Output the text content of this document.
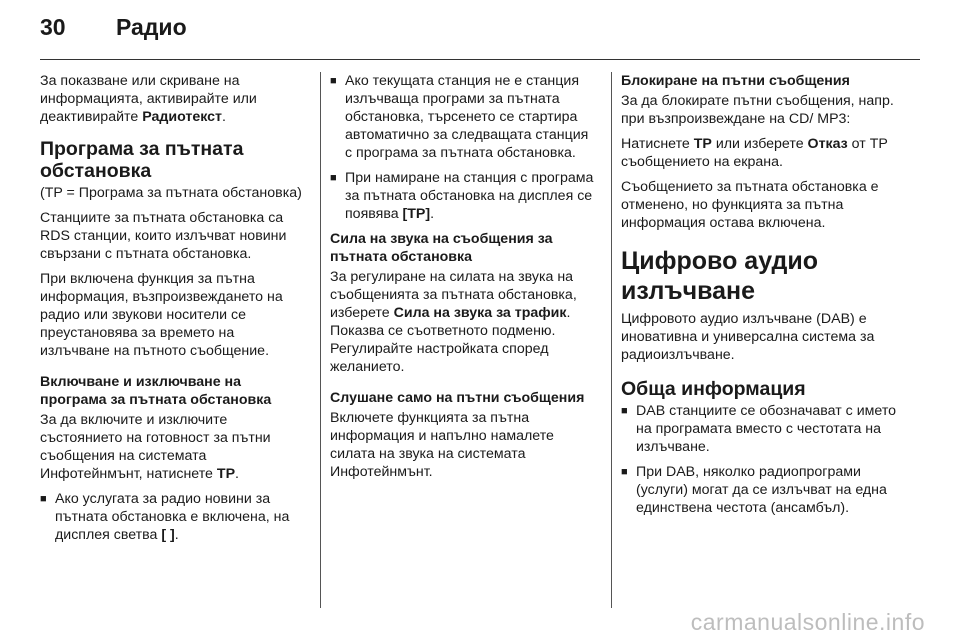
30 Радио

За показване или скриване на информацията, активирайте или деактивирайте Радиотекст.

Програма за пътната обстановка

(TP = Програма за пътната обстановка)

Станциите за пътната обстановка са RDS станции, които излъчват новини свързани с пътната обстановка.

При включена функция за пътна информация, възпроизвеждането на радио или звукови носители се преустановява за времето на излъчване на пътното съобщение.

Включване и изключване на програма за пътната обстановка

За да включите и изключите състоянието на готовност за пътни съобщения на системата Инфотейнмънт, натиснете TP.

■ Ако услугата за радио новини за пътната обстановка е включена, на дисплея светва [ ].
■ Ако текущата станция не е станция излъчваща програми за пътната обстановка, търсенето се стартира автоматично за следващата станция с програма за пътната обстановка.
■ При намиране на станция с програма за пътната обстановка на дисплея се появява [TP].
Сила на звука на съобщения за пътната обстановка

За регулиране на силата на звука на съобщенията за пътната обстановка, изберете Сила на звука за трафик. Показва се съответното подменю.

Регулирайте настройката според желанието.

Слушане само на пътни съобщения

Включете функцията за пътна информация и напълно намалете силата на звука на системата Инфотейнмънт.

Блокиране на пътни съобщения

За да блокирате пътни съобщения, напр. при възпроизвеждане на CD/ MP3:

Натиснете TP или изберете Отказ от TP съобщението на екрана.

Съобщението за пътната обстановка е отменено, но функцията за пътна информация остава включена.

Цифрово аудио излъчване

Цифровото аудио излъчване (DAB) е иновативна и универсална система за радиоизлъчване.

Обща информация
■ DAB станциите се обозначават с името на програмата вместо с честотата на излъчване.
■ При DAB, няколко радиопрограми (услуги) могат да се излъчват на една единствена честота (ансамбъл).
carmanualsonline.info
